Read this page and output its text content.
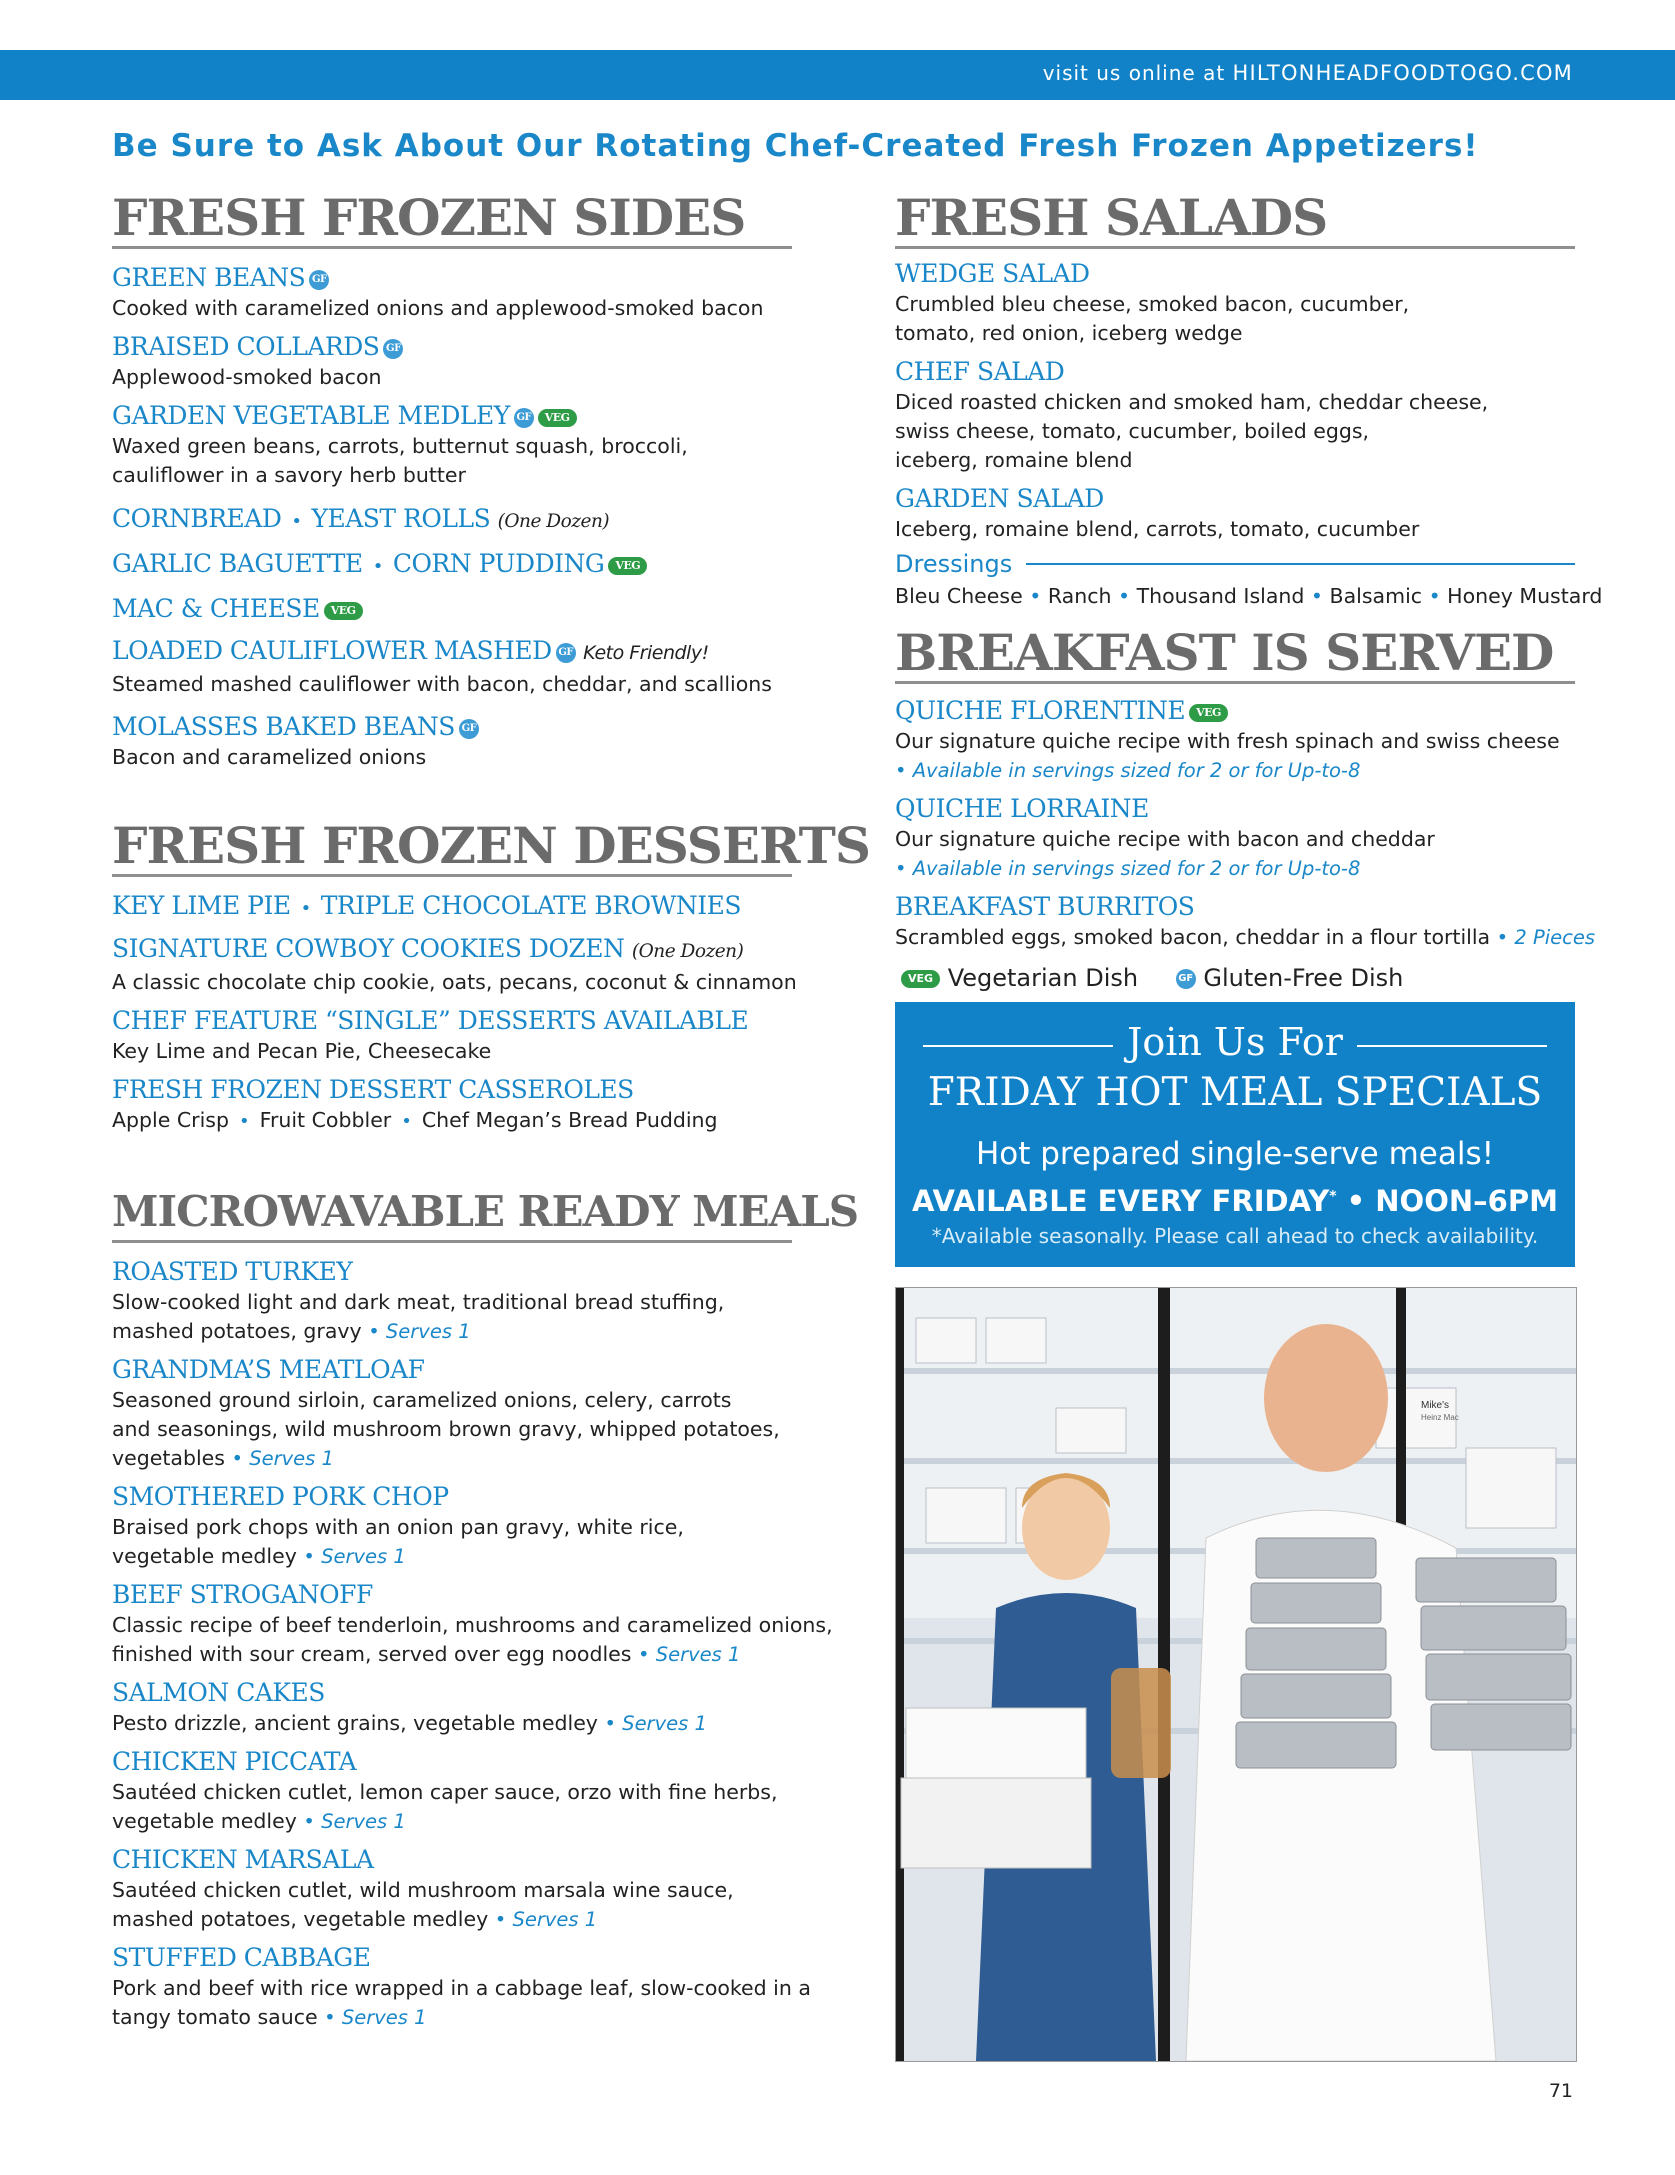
visit us online at HILTONHEADFOODTOGO.COM
Be Sure to Ask About Our Rotating Chef-Created Fresh Frozen Appetizers!
FRESH FROZEN SIDES
GREEN BEANS GF
Cooked with caramelized onions and applewood-smoked bacon
BRAISED COLLARDS GF
Applewood-smoked bacon
GARDEN VEGETABLE MEDLEY GF VEG
Waxed green beans, carrots, butternut squash, broccoli,
cauliflower in a savory herb butter
CORNBREAD • YEAST ROLLS (One Dozen)
GARLIC BAGUETTE • CORN PUDDING VEG
MAC & CHEESE VEG
LOADED CAULIFLOWER MASHED GF Keto Friendly!
Steamed mashed cauliflower with bacon, cheddar, and scallions
MOLASSES BAKED BEANS GF
Bacon and caramelized onions
FRESH FROZEN DESSERTS
KEY LIME PIE • TRIPLE CHOCOLATE BROWNIES
SIGNATURE COWBOY COOKIES DOZEN (One Dozen)
A classic chocolate chip cookie, oats, pecans, coconut & cinnamon
CHEF FEATURE “SINGLE” DESSERTS AVAILABLE
Key Lime and Pecan Pie, Cheesecake
FRESH FROZEN DESSERT CASSEROLES
Apple Crisp • Fruit Cobbler • Chef Megan’s Bread Pudding
MICROWAVABLE READY MEALS
ROASTED TURKEY
Slow-cooked light and dark meat, traditional bread stuffing,
mashed potatoes, gravy • Serves 1
GRANDMA’S MEATLOAF
Seasoned ground sirloin, caramelized onions, celery, carrots
and seasonings, wild mushroom brown gravy, whipped potatoes,
vegetables • Serves 1
SMOTHERED PORK CHOP
Braised pork chops with an onion pan gravy, white rice,
vegetable medley • Serves 1
BEEF STROGANOFF
Classic recipe of beef tenderloin, mushrooms and caramelized onions,
finished with sour cream, served over egg noodles • Serves 1
SALMON CAKES
Pesto drizzle, ancient grains, vegetable medley • Serves 1
CHICKEN PICCATA
Sautéed chicken cutlet, lemon caper sauce, orzo with fine herbs,
vegetable medley • Serves 1
CHICKEN MARSALA
Sautéed chicken cutlet, wild mushroom marsala wine sauce,
mashed potatoes, vegetable medley • Serves 1
STUFFED CABBAGE
Pork and beef with rice wrapped in a cabbage leaf, slow-cooked in a
tangy tomato sauce • Serves 1
FRESH SALADS
WEDGE SALAD
Crumbled bleu cheese, smoked bacon, cucumber,
tomato, red onion, iceberg wedge
CHEF SALAD
Diced roasted chicken and smoked ham, cheddar cheese,
swiss cheese, tomato, cucumber, boiled eggs,
iceberg, romaine blend
GARDEN SALAD
Iceberg, romaine blend, carrots, tomato, cucumber
Dressings
Bleu Cheese • Ranch • Thousand Island • Balsamic • Honey Mustard
BREAKFAST IS SERVED
QUICHE FLORENTINE VEG
Our signature quiche recipe with fresh spinach and swiss cheese
• Available in servings sized for 2 or for Up-to-8
QUICHE LORRAINE
Our signature quiche recipe with bacon and cheddar
• Available in servings sized for 2 or for Up-to-8
BREAKFAST BURRITOS
Scrambled eggs, smoked bacon, cheddar in a flour tortilla • 2 Pieces
VEG Vegetarian Dish	GF Gluten-Free Dish
Join Us For
FRIDAY HOT MEAL SPECIALS
Hot prepared single-serve meals!
AVAILABLE EVERY FRIDAY* • NOON–6PM
*Available seasonally. Please call ahead to check availability.
Mike's
Heinz Mac
71
